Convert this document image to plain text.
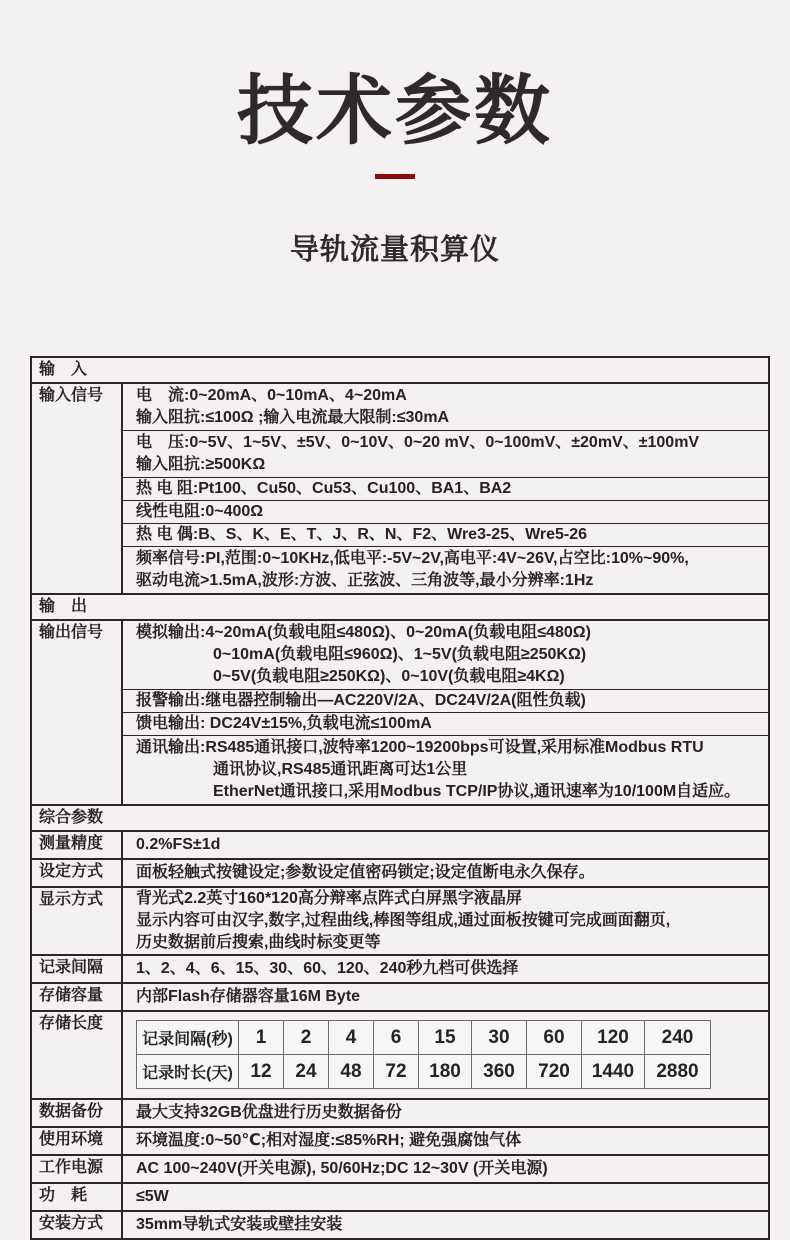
技术参数
导轨流量积算仪
输　入
输入信号	电　流:0~20mA、0~10mA、4~20mA
输入阻抗:≤100Ω ;输入电流最大限制:≤30mA
电　压:0~5V、1~5V、±5V、0~10V、0~20 mV、0~100mV、±20mV、±100mV
输入阻抗:≥500KΩ
热 电 阻:Pt100、Cu50、Cu53、Cu100、BA1、BA2
线性电阻:0~400Ω
热 电 偶:B、S、K、E、T、J、R、N、F2、Wre3-25、Wre5-26
频率信号:PI,范围:0~10KHz,低电平:-5V~2V,高电平:4V~26V,占空比:10%~90%,
驱动电流>1.5mA,波形:方波、正弦波、三角波等,最小分辨率:1Hz
输　出
输出信号	模拟输出:4~20mA(负载电阻≤480Ω)、0~20mA(负载电阻≤480Ω)
0~10mA(负载电阻≤960Ω)、1~5V(负载电阻≥250KΩ)
0~5V(负载电阻≥250KΩ)、0~10V(负载电阻≥4KΩ)
报警输出:继电器控制输出—AC220V/2A、DC24V/2A(阻性负载)
馈电输出: DC24V±15%,负载电流≤100mA
通讯输出:RS485通讯接口,波特率1200~19200bps可设置,采用标准Modbus RTU
通讯协议,RS485通讯距离可达1公里
EtherNet通讯接口,采用Modbus TCP/IP协议,通讯速率为10/100M自适应。
综合参数
测量精度	0.2%FS±1d
设定方式	面板轻触式按键设定;参数设定值密码锁定;设定值断电永久保存。
显示方式	背光式2.2英寸160*120高分辩率点阵式白屏黑字液晶屏
显示内容可由汉字,数字,过程曲线,棒图等组成,通过面板按键可完成画面翻页,
历史数据前后搜索,曲线时标变更等
记录间隔	1、2、4、6、15、30、60、120、240秒九档可供选择
存储容量	内部Flash存储器容量16M Byte
存储长度
记录间隔(秒)	1	2	4	6	15	30	60	120	240
记录时长(天)	12	24	48	72	180	360	720	1440	2880
数据备份	最大支持32GB优盘进行历史数据备份
使用环境	环境温度:0~50℃;相对湿度:≤85%RH; 避免强腐蚀气体
工作电源	AC 100~240V(开关电源), 50/60Hz;DC 12~30V (开关电源)
功　耗	≤5W
安装方式	35mm导轨式安装或壁挂安装
